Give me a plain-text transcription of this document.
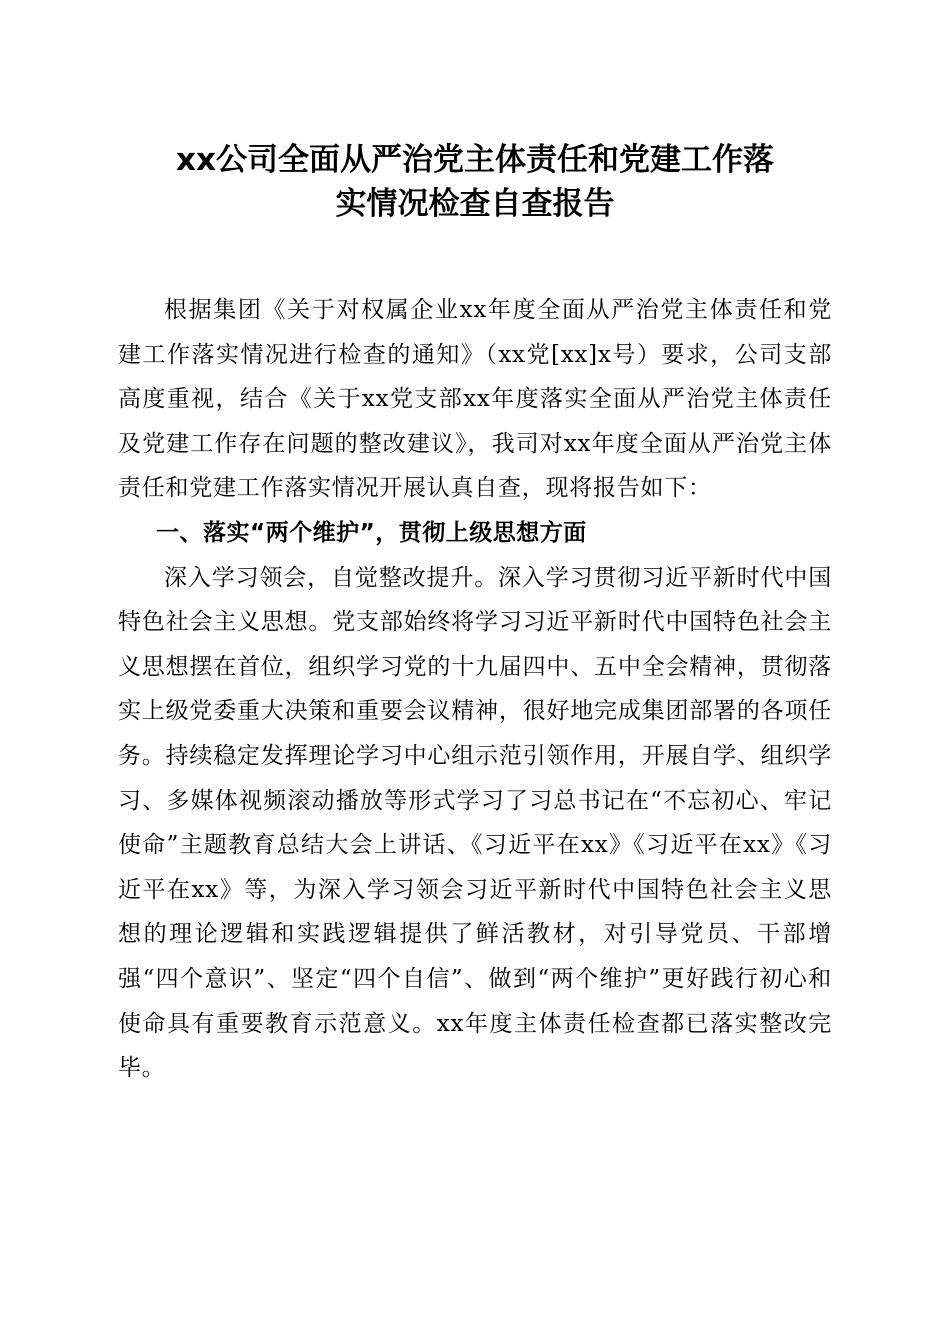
xx公司全面从严治党主体责任和党建工作落
实情况检查自查报告

根据集团《关于对权属企业xx年度全面从严治党主体责任和党建工作落实情况进行检查的通知》（xx党[xx]x号）要求，公司支部高度重视，结合《关于xx党支部xx年度落实全面从严治党主体责任及党建工作存在问题的整改建议》，我司对xx年度全面从严治党主体责任和党建工作落实情况开展认真自查，现将报告如下：

一、落实“两个维护”，贯彻上级思想方面

深入学习领会，自觉整改提升。深入学习贯彻习近平新时代中国特色社会主义思想。党支部始终将学习习近平新时代中国特色社会主义思想摆在首位，组织学习党的十九届四中、五中全会精神，贯彻落实上级党委重大决策和重要会议精神，很好地完成集团部署的各项任务。持续稳定发挥理论学习中心组示范引领作用，开展自学、组织学习、多媒体视频滚动播放等形式学习了习总书记在“不忘初心、牢记使命”主题教育总结大会上讲话、《习近平在xx》《习近平在xx》《习近平在xx》等，为深入学习领会习近平新时代中国特色社会主义思想的理论逻辑和实践逻辑提供了鲜活教材，对引导党员、干部增强“四个意识”、坚定“四个自信”、做到“两个维护”更好践行初心和使命具有重要教育示范意义。xx年度主体责任检查都已落实整改完毕。
